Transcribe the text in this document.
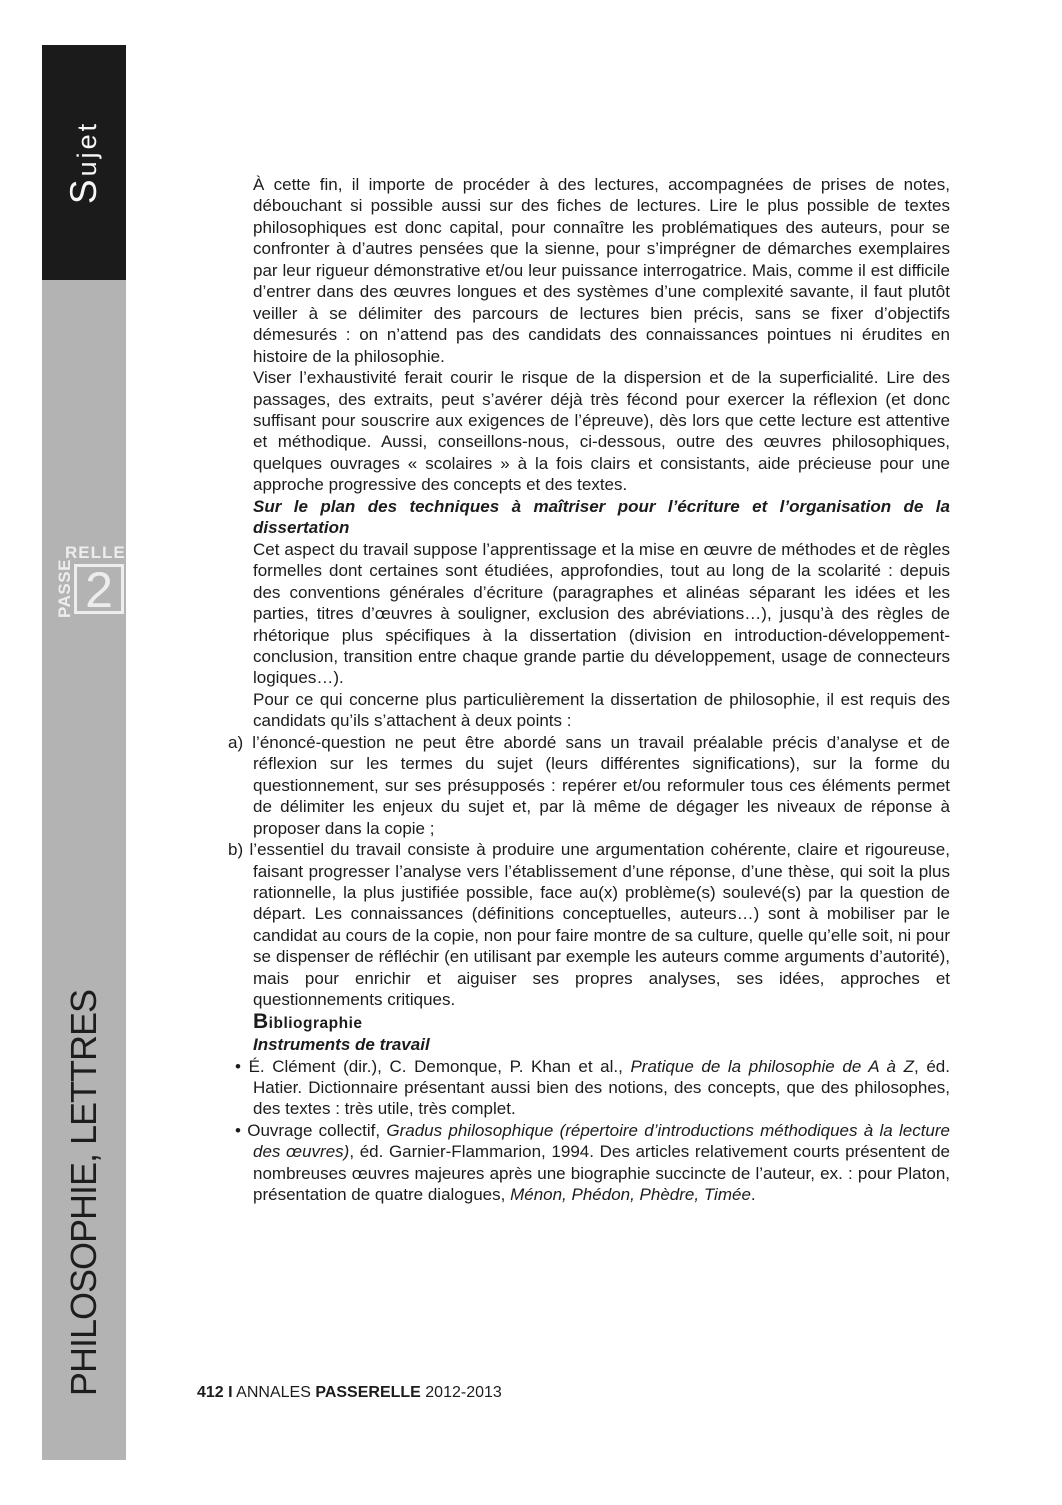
Sujet
RELLE
PASSE 2
PHILOSOPHIE, LETTRES

À cette fin, il importe de procéder à des lectures, accompagnées de prises de notes, débouchant si possible aussi sur des fiches de lectures. Lire le plus possible de textes philosophiques est donc capital, pour connaître les problématiques des auteurs, pour se confronter à d’autres pensées que la sienne, pour s’imprégner de démarches exemplaires par leur rigueur démonstrative et/ou leur puissance interrogatrice. Mais, comme il est difficile d’entrer dans des œuvres longues et des systèmes d’une complexité savante, il faut plutôt veiller à se délimiter des parcours de lectures bien précis, sans se fixer d’objectifs démesurés : on n’attend pas des candidats des connaissances pointues ni érudites en histoire de la philosophie.

Viser l’exhaustivité ferait courir le risque de la dispersion et de la superficialité. Lire des passages, des extraits, peut s’avérer déjà très fécond pour exercer la réflexion (et donc suffisant pour souscrire aux exigences de l’épreuve), dès lors que cette lecture est attentive et méthodique. Aussi, conseillons-nous, ci-dessous, outre des œuvres philosophiques, quelques ouvrages « scolaires » à la fois clairs et consistants, aide précieuse pour une approche progressive des concepts et des textes.

Sur le plan des techniques à maîtriser pour l’écriture et l’organisation de la dissertation

Cet aspect du travail suppose l’apprentissage et la mise en œuvre de méthodes et de règles formelles dont certaines sont étudiées, approfondies, tout au long de la scolarité : depuis des conventions générales d’écriture (paragraphes et alinéas séparant les idées et les parties, titres d’œuvres à souligner, exclusion des abréviations…), jusqu’à des règles de rhétorique plus spécifiques à la dissertation (division en introduction-développement-conclusion, transition entre chaque grande partie du développement, usage de connecteurs logiques…).

Pour ce qui concerne plus particulièrement la dissertation de philosophie, il est requis des candidats qu’ils s’attachent à deux points :

a) l’énoncé-question ne peut être abordé sans un travail préalable précis d’analyse et de réflexion sur les termes du sujet (leurs différentes significations), sur la forme du questionnement, sur ses présupposés : repérer et/ou reformuler tous ces éléments permet de délimiter les enjeux du sujet et, par là même de dégager les niveaux de réponse à proposer dans la copie ;

b) l’essentiel du travail consiste à produire une argumentation cohérente, claire et rigoureuse, faisant progresser l’analyse vers l’établissement d’une réponse, d’une thèse, qui soit la plus rationnelle, la plus justifiée possible, face au(x) problème(s) soulevé(s) par la question de départ. Les connaissances (définitions conceptuelles, auteurs…) sont à mobiliser par le candidat au cours de la copie, non pour faire montre de sa culture, quelle qu’elle soit, ni pour se dispenser de réfléchir (en utilisant par exemple les auteurs comme arguments d’autorité), mais pour enrichir et aiguiser ses propres analyses, ses idées, approches et questionnements critiques.

Bibliographie

Instruments de travail

• É. Clément (dir.), C. Demonque, P. Khan et al., Pratique de la philosophie de A à Z, éd. Hatier. Dictionnaire présentant aussi bien des notions, des concepts, que des philosophes, des textes : très utile, très complet.

• Ouvrage collectif, Gradus philosophique (répertoire d’introductions méthodiques à la lecture des œuvres), éd. Garnier-Flammarion, 1994. Des articles relativement courts présentent de nombreuses œuvres majeures après une biographie succincte de l’auteur, ex. : pour Platon, présentation de quatre dialogues, Ménon, Phédon, Phèdre, Timée.

412 I ANNALES PASSERELLE 2012-2013
